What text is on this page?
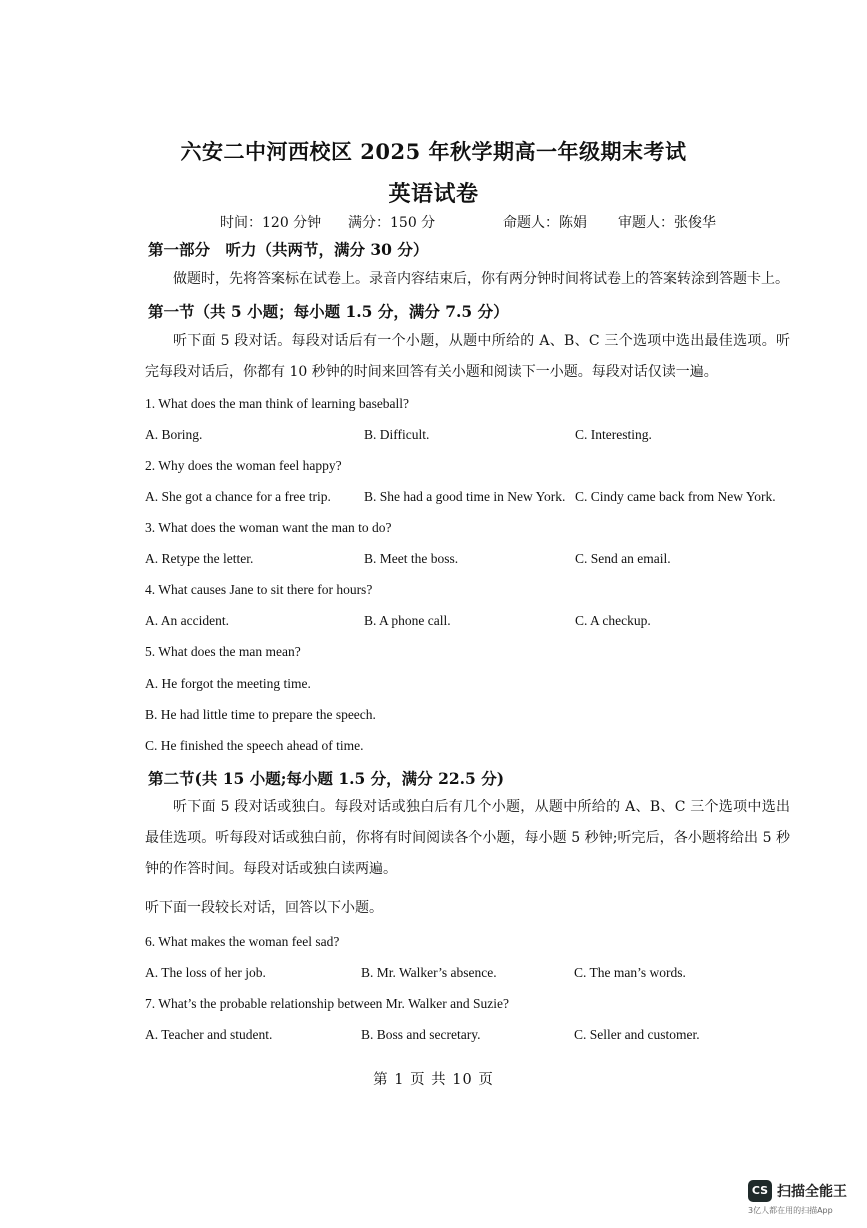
六安二中河西校区 2025 年秋学期高一年级期末考试
英语试卷
时间：120 分钟 满分：150 分	命题人：陈娟 审题人：张俊华
第一部分　听力（共两节，满分 30 分）
做题时，先将答案标在试卷上。录音内容结束后，你有两分钟时间将试卷上的答案转涂到答题卡上。
第一节（共 5 小题；每小题 1.5 分，满分 7.5 分）
听下面 5 段对话。每段对话后有一个小题，从题中所给的 A、B、C 三个选项中选出最佳选项。听完每段对话后，你都有 10 秒钟的时间来回答有关小题和阅读下一小题。每段对话仅读一遍。
1. What does the man think of learning baseball?
A. Boring.	B. Difficult.	C. Interesting.
2. Why does the woman feel happy?
A. She got a chance for a free trip. B. She had a good time in New York. C. Cindy came back from New York.
3. What does the woman want the man to do?
A. Retype the letter.	B. Meet the boss.	C. Send an email.
4. What causes Jane to sit there for hours?
A. An accident.	B. A phone call.	C. A checkup.
5. What does the man mean?
A. He forgot the meeting time.
B. He had little time to prepare the speech.
C. He finished the speech ahead of time.
第二节(共 15 小题;每小题 1.5 分，满分 22.5 分)
听下面 5 段对话或独白。每段对话或独白后有几个小题，从题中所给的 A、B、C 三个选项中选出最佳选项。听每段对话或独白前，你将有时间阅读各个小题，每小题 5 秒钟;听完后，各小题将给出 5 秒钟的作答时间。每段对话或独白读两遍。
听下面一段较长对话，回答以下小题。
6. What makes the woman feel sad?
A. The loss of her job.	B. Mr. Walker’s absence.	C. The man’s words.
7. What’s the probable relationship between Mr. Walker and Suzie?
A. Teacher and student.	B. Boss and secretary.	C. Seller and customer.
第 1 页 共 10 页
CS 扫描全能王
3亿人都在用的扫描App
